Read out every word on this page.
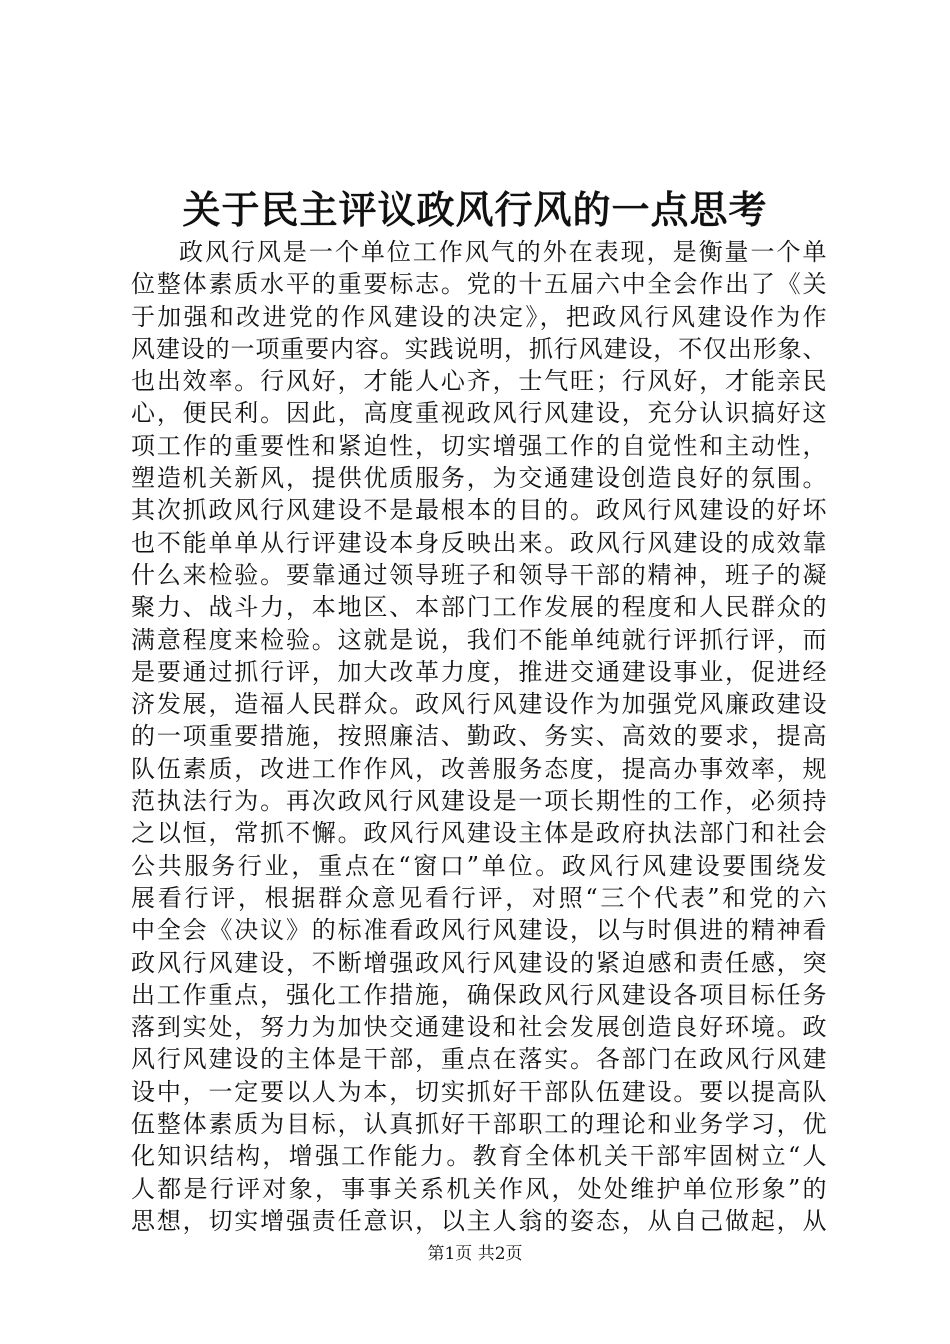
关于民主评议政风行风的一点思考
政风行风是一个单位工作风气的外在表现，是衡量一个单
位整体素质水平的重要标志。党的十五届六中全会作出了《关
于加强和改进党的作风建设的决定》，把政风行风建设作为作
风建设的一项重要内容。实践说明，抓行风建设，不仅出形象、
也出效率。行风好，才能人心齐，士气旺；行风好，才能亲民
心，便民利。因此，高度重视政风行风建设，充分认识搞好这
项工作的重要性和紧迫性，切实增强工作的自觉性和主动性，
塑造机关新风，提供优质服务，为交通建设创造良好的氛围。
其次抓政风行风建设不是最根本的目的。政风行风建设的好坏
也不能单单从行评建设本身反映出来。政风行风建设的成效靠
什么来检验。要靠通过领导班子和领导干部的精神，班子的凝
聚力、战斗力，本地区、本部门工作发展的程度和人民群众的
满意程度来检验。这就是说，我们不能单纯就行评抓行评，而
是要通过抓行评，加大改革力度，推进交通建设事业，促进经
济发展，造福人民群众。政风行风建设作为加强党风廉政建设
的一项重要措施，按照廉洁、勤政、务实、高效的要求，提高
队伍素质，改进工作作风，改善服务态度，提高办事效率，规
范执法行为。再次政风行风建设是一项长期性的工作，必须持
之以恒，常抓不懈。政风行风建设主体是政府执法部门和社会
公共服务行业，重点在“窗口”单位。政风行风建设要围绕发
展看行评，根据群众意见看行评，对照“三个代表”和党的六
中全会《决议》的标准看政风行风建设，以与时俱进的精神看
政风行风建设，不断增强政风行风建设的紧迫感和责任感，突
出工作重点，强化工作措施，确保政风行风建设各项目标任务
落到实处，努力为加快交通建设和社会发展创造良好环境。政
风行风建设的主体是干部，重点在落实。各部门在政风行风建
设中，一定要以人为本，切实抓好干部队伍建设。要以提高队
伍整体素质为目标，认真抓好干部职工的理论和业务学习，优
化知识结构，增强工作能力。教育全体机关干部牢固树立“人
人都是行评对象，事事关系机关作风，处处维护单位形象”的
思想，切实增强责任意识，以主人翁的姿态，从自己做起，从
第1页 共2页
